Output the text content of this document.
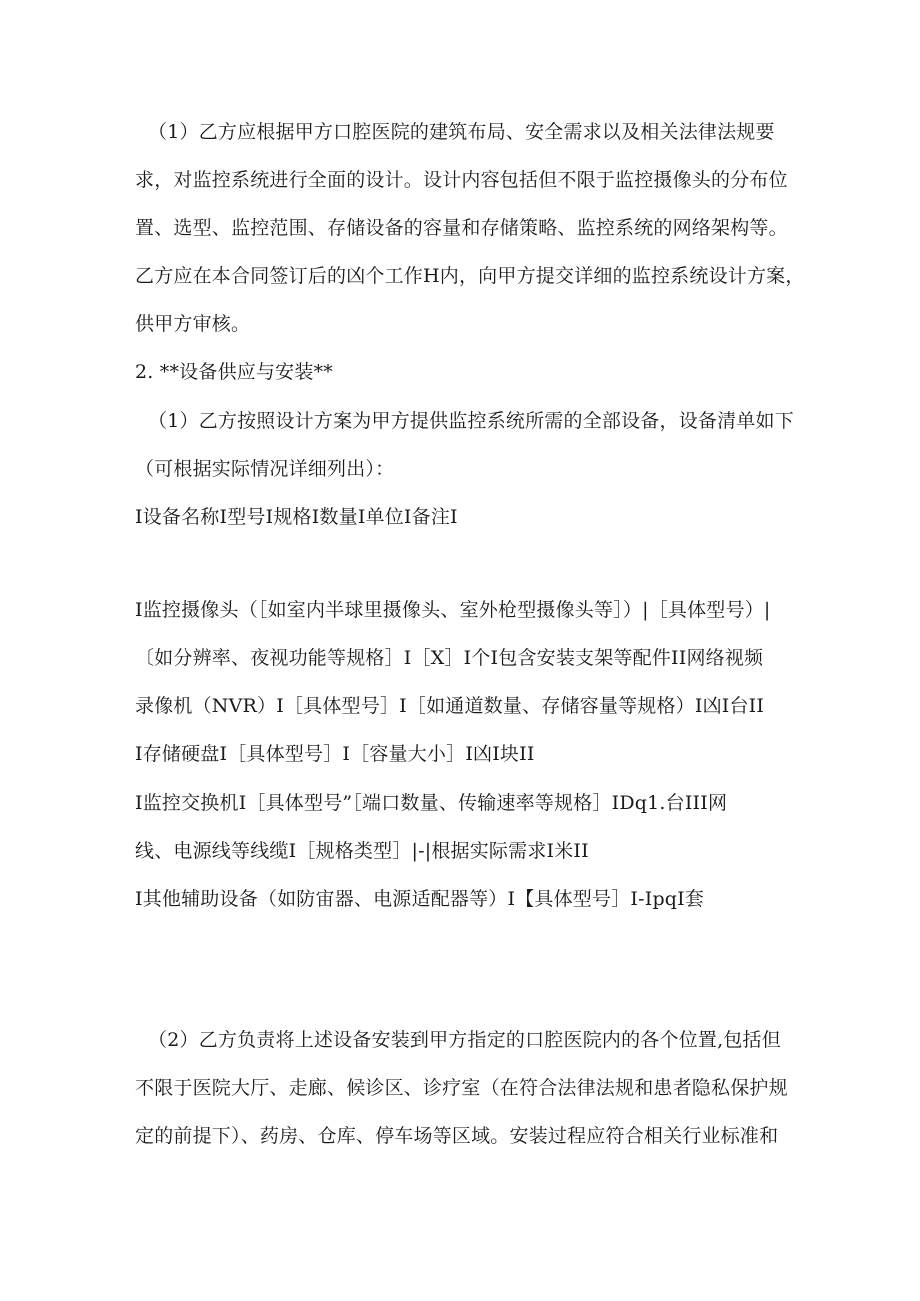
（1）乙方应根据甲方口腔医院的建筑布局、安全需求以及相关法律法规要
求，对监控系统进行全面的设计。设计内容包括但不限于监控摄像头的分布位
置、选型、监控范围、存储设备的容量和存储策略、监控系统的网络架构等。
乙方应在本合同签订后的凶个工作H内，向甲方提交详细的监控系统设计方案，
供甲方审核。
2. **设备供应与安装**
（1）乙方按照设计方案为甲方提供监控系统所需的全部设备，设备清单如下
（可根据实际情况详细列出）：
I设备名称I型号I规格I数量I单位I备注I
I监控摄像头（［如室内半球里摄像头、室外枪型摄像头等］）|［具体型号）|
〔如分辨率、夜视功能等规格］I［X］I个I包含安装支架等配件II网络视频
录像机（NVR）I［具体型号］I［如通道数量、存储容量等规格）I凶I台II
I存储硬盘I［具体型号］I［容量大小］I凶I块II
I监控交换机I［具体型号”［端口数量、传输速率等规格］IDq1.台III网
线、电源线等线缆I［规格类型］|-|根据实际需求I米II
I其他辅助设备（如防宙器、电源适配器等）I【具体型号］I-IpqI套
（2）乙方负责将上述设备安装到甲方指定的口腔医院内的各个位置,包括但
不限于医院大厅、走廊、候诊区、诊疗室（在符合法律法规和患者隐私保护规
定的前提下）、药房、仓库、停车场等区域。安装过程应符合相关行业标准和
